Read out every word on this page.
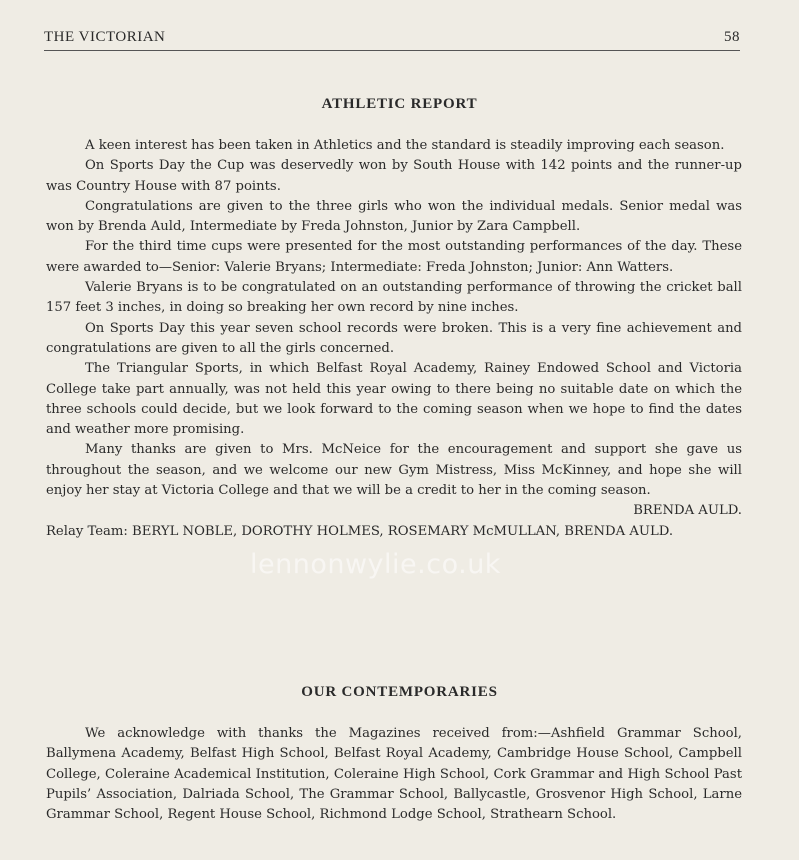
THE VICTORIAN	58
ATHLETIC REPORT

A keen interest has been taken in Athletics and the standard is steadily improving each season.

On Sports Day the Cup was deservedly won by South House with 142 points and the runner-up was Country House with 87 points.

Congratulations are given to the three girls who won the individual medals. Senior medal was won by Brenda Auld, Intermediate by Freda Johnston, Junior by Zara Campbell.

For the third time cups were presented for the most outstanding performances of the day. These were awarded to—Senior: Valerie Bryans; Intermediate: Freda Johnston; Junior: Ann Watters.

Valerie Bryans is to be congratulated on an outstanding performance of throwing the cricket ball 157 feet 3 inches, in doing so breaking her own record by nine inches.

On Sports Day this year seven school records were broken. This is a very fine achievement and congratulations are given to all the girls concerned.

The Triangular Sports, in which Belfast Royal Academy, Rainey Endowed School and Victoria College take part annually, was not held this year owing to there being no suitable date on which the three schools could decide, but we look forward to the coming season when we hope to find the dates and weather more promising.

Many thanks are given to Mrs. McNeice for the encouragement and support she gave us throughout the season, and we welcome our new Gym Mistress, Miss McKinney, and hope she will enjoy her stay at Victoria College and that we will be a credit to her in the coming season.

BRENDA AULD.
Relay Team: BERYL NOBLE, DOROTHY HOLMES, ROSEMARY McMULLAN, BRENDA AULD.
OUR CONTEMPORARIES

We acknowledge with thanks the Magazines received from:—Ashfield Grammar School, Ballymena Academy, Belfast High School, Belfast Royal Academy, Cambridge House School, Campbell College, Coleraine Academical Institution, Coleraine High School, Cork Grammar and High School Past Pupils’ Association, Dalriada School, The Grammar School, Ballycastle, Grosvenor High School, Larne Grammar School, Regent House School, Richmond Lodge School, Strathearn School.

lennonwylie.co.uk
